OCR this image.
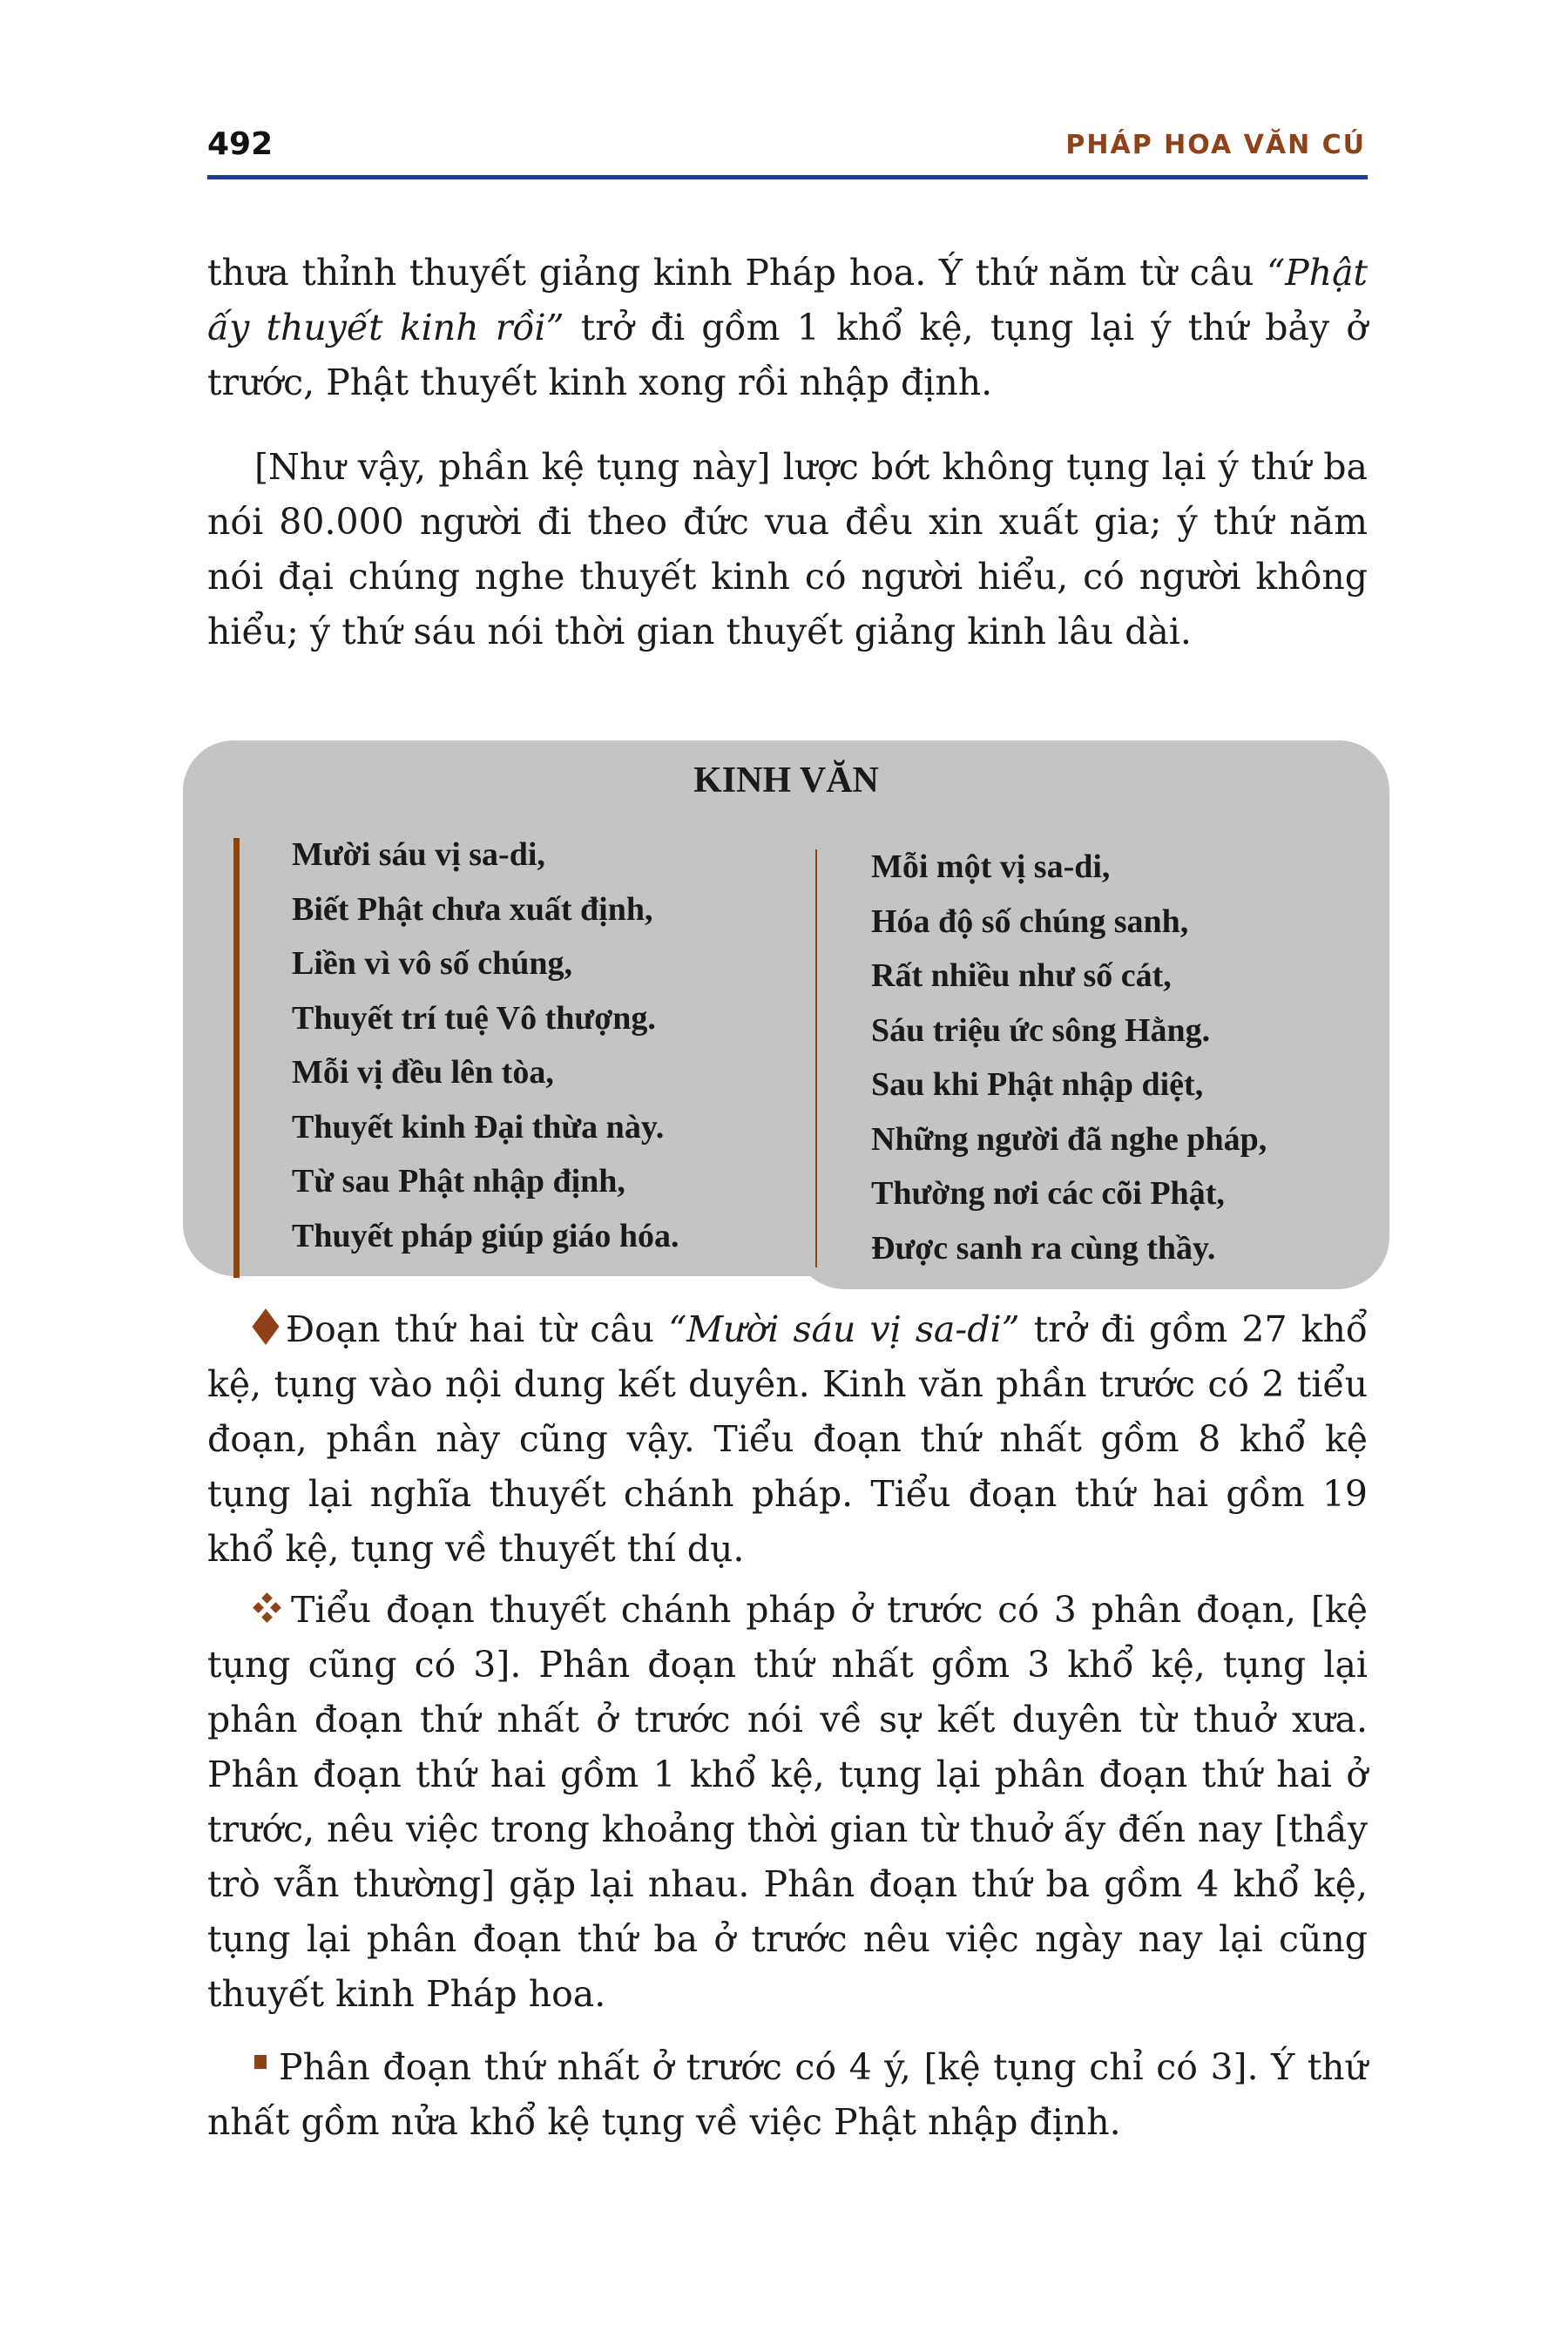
492	PHÁP HOA VĂN CÚ

thưa thỉnh thuyết giảng kinh Pháp hoa. Ý thứ năm từ câu “Phật ấy thuyết kinh rồi” trở đi gồm 1 khổ kệ, tụng lại ý thứ bảy ở trước, Phật thuyết kinh xong rồi nhập định.

[Như vậy, phần kệ tụng này] lược bớt không tụng lại ý thứ ba nói 80.000 người đi theo đức vua đều xin xuất gia; ý thứ năm nói đại chúng nghe thuyết kinh có người hiểu, có người không hiểu; ý thứ sáu nói thời gian thuyết giảng kinh lâu dài.

KINH VĂN
Mười sáu vị sa-di,
Biết Phật chưa xuất định,
Liền vì vô số chúng,
Thuyết trí tuệ Vô thượng.
Mỗi vị đều lên tòa,
Thuyết kinh Đại thừa này.
Từ sau Phật nhập định,
Thuyết pháp giúp giáo hóa.
Mỗi một vị sa-di,
Hóa độ số chúng sanh,
Rất nhiều như số cát,
Sáu triệu ức sông Hằng.
Sau khi Phật nhập diệt,
Những người đã nghe pháp,
Thường nơi các cõi Phật,
Được sanh ra cùng thầy.

Đoạn thứ hai từ câu “Mười sáu vị sa-di” trở đi gồm 27 khổ kệ, tụng vào nội dung kết duyên. Kinh văn phần trước có 2 tiểu đoạn, phần này cũng vậy. Tiểu đoạn thứ nhất gồm 8 khổ kệ tụng lại nghĩa thuyết chánh pháp. Tiểu đoạn thứ hai gồm 19 khổ kệ, tụng về thuyết thí dụ.

Tiểu đoạn thuyết chánh pháp ở trước có 3 phân đoạn, [kệ tụng cũng có 3]. Phân đoạn thứ nhất gồm 3 khổ kệ, tụng lại phân đoạn thứ nhất ở trước nói về sự kết duyên từ thuở xưa. Phân đoạn thứ hai gồm 1 khổ kệ, tụng lại phân đoạn thứ hai ở trước, nêu việc trong khoảng thời gian từ thuở ấy đến nay [thầy trò vẫn thường] gặp lại nhau. Phân đoạn thứ ba gồm 4 khổ kệ, tụng lại phân đoạn thứ ba ở trước nêu việc ngày nay lại cũng thuyết kinh Pháp hoa.

Phân đoạn thứ nhất ở trước có 4 ý, [kệ tụng chỉ có 3]. Ý thứ nhất gồm nửa khổ kệ tụng về việc Phật nhập định.
